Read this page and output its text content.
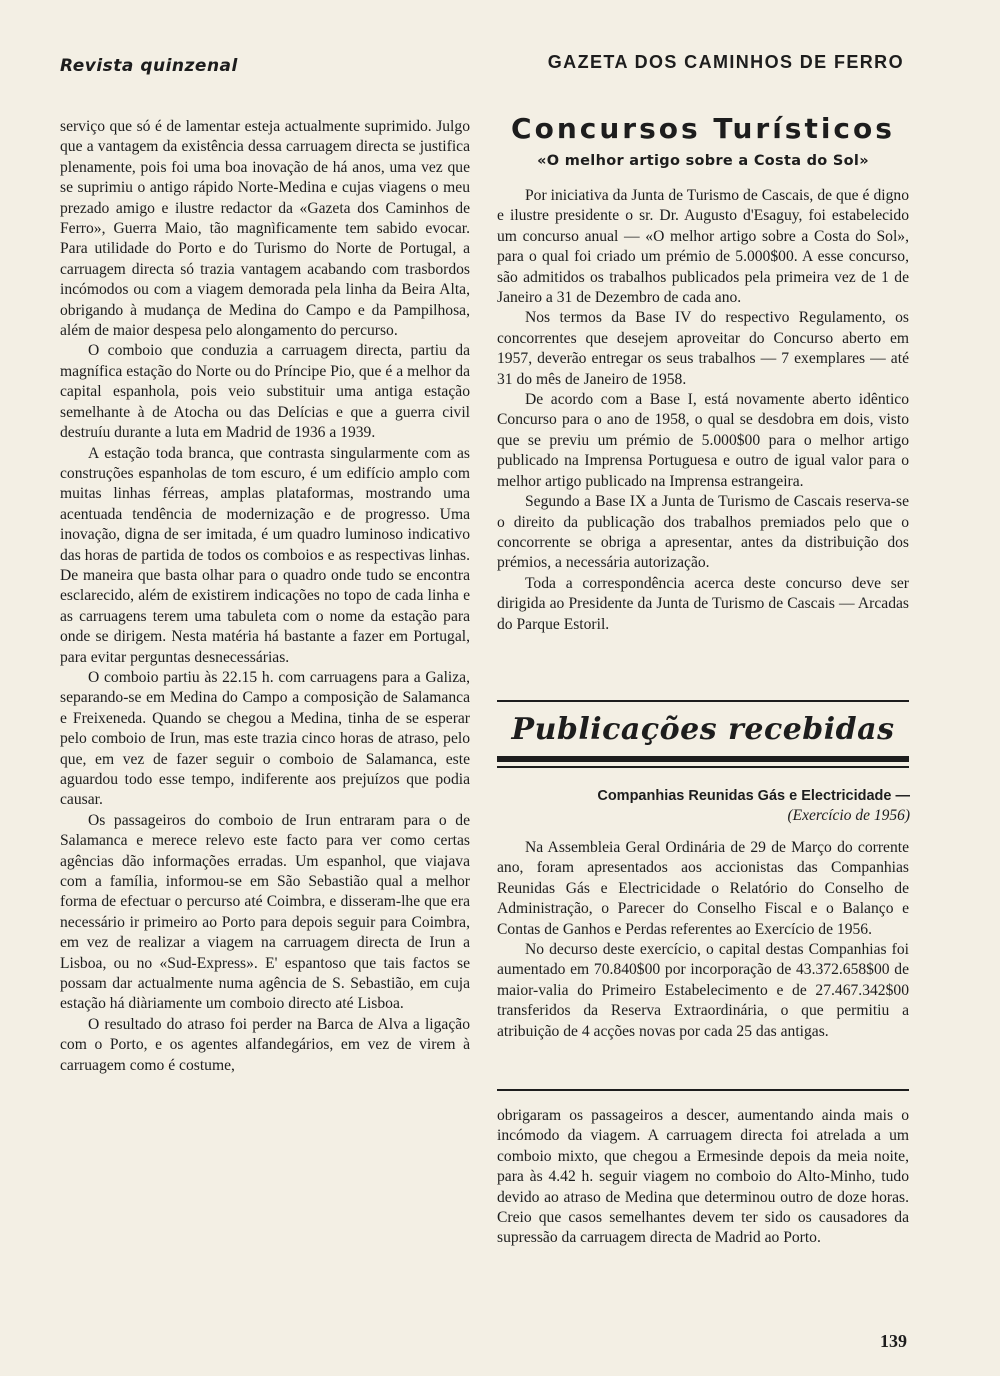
Revista quinzenal	GAZETA DOS CAMINHOS DE FERRO

serviço que só é de lamentar esteja actualmente suprimido. Julgo que a vantagem da existência dessa carruagem directa se justifica plenamente, pois foi uma boa inovação de há anos, uma vez que se suprimiu o antigo rápido Norte-Medina e cujas viagens o meu prezado amigo e ilustre redactor da «Gazeta dos Caminhos de Ferro», Guerra Maio, tão magnìficamente tem sabido evocar. Para utilidade do Porto e do Turismo do Norte de Portugal, a carruagem directa só trazia vantagem acabando com trasbordos incómodos ou com a viagem demorada pela linha da Beira Alta, obrigando à mudança de Medina do Campo e da Pampilhosa, além de maior despesa pelo alongamento do percurso.

O comboio que conduzia a carruagem directa, partiu da magnífica estação do Norte ou do Príncipe Pio, que é a melhor da capital espanhola, pois veio substituir uma antiga estação semelhante à de Atocha ou das Delícias e que a guerra civil destruíu durante a luta em Madrid de 1936 a 1939.

A estação toda branca, que contrasta singularmente com as construções espanholas de tom escuro, é um edifício amplo com muitas linhas férreas, amplas plataformas, mostrando uma acentuada tendência de modernização e de progresso. Uma inovação, digna de ser imitada, é um quadro luminoso indicativo das horas de partida de todos os comboios e as respectivas linhas. De maneira que basta olhar para o quadro onde tudo se encontra esclarecido, além de existirem indicações no topo de cada linha e as carruagens terem uma tabuleta com o nome da estação para onde se dirigem. Nesta matéria há bastante a fazer em Portugal, para evitar perguntas desnecessárias.

O comboio partiu às 22.15 h. com carruagens para a Galiza, separando-se em Medina do Campo a composição de Salamanca e Freixeneda. Quando se chegou a Medina, tinha de se esperar pelo comboio de Irun, mas este trazia cinco horas de atraso, pelo que, em vez de fazer seguir o comboio de Salamanca, este aguardou todo esse tempo, indiferente aos prejuízos que podia causar.

Os passageiros do comboio de Irun entraram para o de Salamanca e merece relevo este facto para ver como certas agências dão informações erradas. Um espanhol, que viajava com a família, informou-se em São Sebastião qual a melhor forma de efectuar o percurso até Coimbra, e disseram-lhe que era necessário ir primeiro ao Porto para depois seguir para Coimbra, em vez de realizar a viagem na carruagem directa de Irun a Lisboa, ou no «Sud-Express». E' espantoso que tais factos se possam dar actualmente numa agência de S. Sebastião, em cuja estação há diàriamente um comboio directo até Lisboa.

O resultado do atraso foi perder na Barca de Alva a ligação com o Porto, e os agentes alfandegários, em vez de virem à carruagem como é costume,

Concursos Turísticos
«O melhor artigo sobre a Costa do Sol»

Por iniciativa da Junta de Turismo de Cascais, de que é digno e ilustre presidente o sr. Dr. Augusto d'Esaguy, foi estabelecido um concurso anual — «O melhor artigo sobre a Costa do Sol», para o qual foi criado um prémio de 5.000$00. A esse concurso, são admitidos os trabalhos publicados pela primeira vez de 1 de Janeiro a 31 de Dezembro de cada ano.

Nos termos da Base IV do respectivo Regulamento, os concorrentes que desejem aproveitar do Concurso aberto em 1957, deverão entregar os seus trabalhos — 7 exemplares — até 31 do mês de Janeiro de 1958.

De acordo com a Base I, está novamente aberto idêntico Concurso para o ano de 1958, o qual se desdobra em dois, visto que se previu um prémio de 5.000$00 para o melhor artigo publicado na Imprensa Portuguesa e outro de igual valor para o melhor artigo publicado na Imprensa estrangeira.

Segundo a Base IX a Junta de Turismo de Cascais reserva-se o direito da publicação dos trabalhos premiados pelo que o concorrente se obriga a apresentar, antes da distribuição dos prémios, a necessária autorização.

Toda a correspondência acerca deste concurso deve ser dirigida ao Presidente da Junta de Turismo de Cascais — Arcadas do Parque Estoril.

Publicações recebidas
Companhias Reunidas Gás e Electricidade — (Exercício de 1956)

Na Assembleia Geral Ordinária de 29 de Março do corrente ano, foram apresentados aos accionistas das Companhias Reunidas Gás e Electricidade o Relatório do Conselho de Administração, o Parecer do Conselho Fiscal e o Balanço e Contas de Ganhos e Perdas referentes ao Exercício de 1956.

No decurso deste exercício, o capital destas Companhias foi aumentado em 70.840$00 por incorporação de 43.372.658$00 de maior-valia do Primeiro Estabelecimento e de 27.467.342$00 transferidos da Reserva Extraordinária, o que permitiu a atribuição de 4 acções novas por cada 25 das antigas.

obrigaram os passageiros a descer, aumentando ainda mais o incómodo da viagem. A carruagem directa foi atrelada a um comboio mixto, que chegou a Ermesinde depois da meia noite, para às 4.42 h. seguir viagem no comboio do Alto-Minho, tudo devido ao atraso de Medina que determinou outro de doze horas. Creio que casos semelhantes devem ter sido os causadores da supressão da carruagem directa de Madrid ao Porto.

139
